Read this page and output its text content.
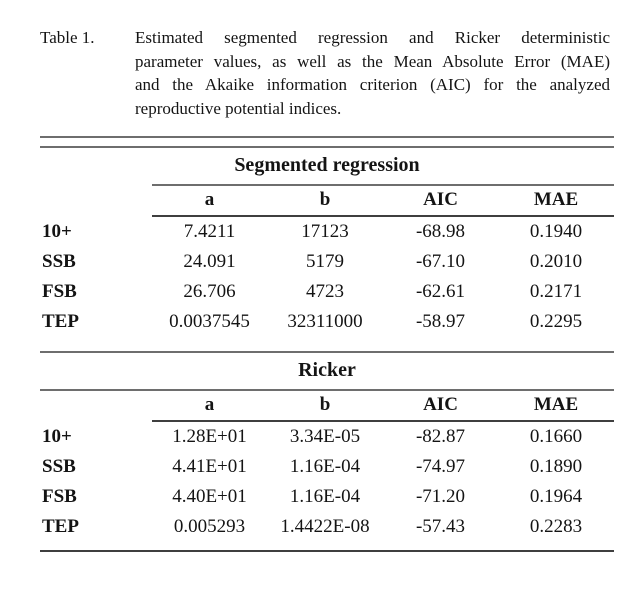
Table 1.	Estimated segmented regression and Ricker deterministic
parameter values, as well as the Mean Absolute Error (MAE)
and the Akaike information criterion (AIC) for the analyzed
reproductive potential indices.

Segmented regression				
	a	b	AIC	MAE
10+	7.4211	17123	-68.98	0.1940
SSB	24.091	5179	-67.10	0.2010
FSB	26.706	4723	-62.61	0.2171
TEP	0.0037545	32311000	-58.97	0.2295
Ricker				
	a	b	AIC	MAE
10+	1.28E+01	3.34E-05	-82.87	0.1660
SSB	4.41E+01	1.16E-04	-74.97	0.1890
FSB	4.40E+01	1.16E-04	-71.20	0.1964
TEP	0.005293	1.4422E-08	-57.43	0.2283
